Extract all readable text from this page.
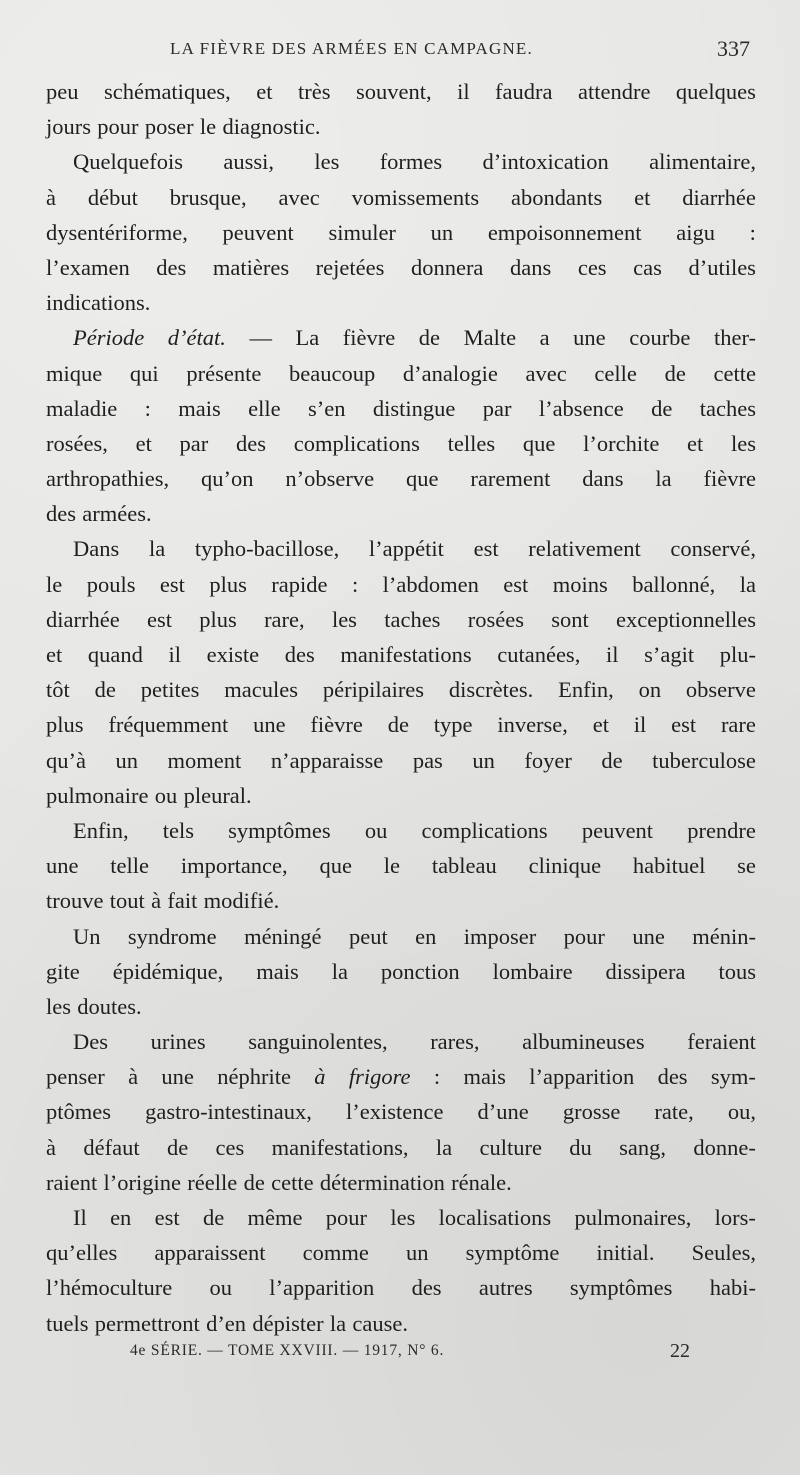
LA FIÈVRE DES ARMÉES EN CAMPAGNE.	337
peu schématiques, et très souvent, il faudra attendre quelques
jours pour poser le diagnostic.
Quelquefois aussi, les formes d’intoxication alimentaire,
à début brusque, avec vomissements abondants et diarrhée
dysentériforme, peuvent simuler un empoisonnement aigu :
l’examen des matières rejetées donnera dans ces cas d’utiles
indications.
Période d’état. — La fièvre de Malte a une courbe ther-
mique qui présente beaucoup d’analogie avec celle de cette
maladie : mais elle s’en distingue par l’absence de taches
rosées, et par des complications telles que l’orchite et les
arthropathies, qu’on n’observe que rarement dans la fièvre
des armées.
Dans la typho-bacillose, l’appétit est relativement conservé,
le pouls est plus rapide : l’abdomen est moins ballonné, la
diarrhée est plus rare, les taches rosées sont exceptionnelles
et quand il existe des manifestations cutanées, il s’agit plu-
tôt de petites macules péripilaires discrètes. Enfin, on observe
plus fréquemment une fièvre de type inverse, et il est rare
qu’à un moment n’apparaisse pas un foyer de tuberculose
pulmonaire ou pleural.
Enfin, tels symptômes ou complications peuvent prendre
une telle importance, que le tableau clinique habituel se
trouve tout à fait modifié.
Un syndrome méningé peut en imposer pour une ménin-
gite épidémique, mais la ponction lombaire dissipera tous
les doutes.
Des urines sanguinolentes, rares, albumineuses feraient
penser à une néphrite à frigore : mais l’apparition des sym-
ptômes gastro-intestinaux, l’existence d’une grosse rate, ou,
à défaut de ces manifestations, la culture du sang, donne-
raient l’origine réelle de cette détermination rénale.
Il en est de même pour les localisations pulmonaires, lors-
qu’elles apparaissent comme un symptôme initial. Seules,
l’hémoculture ou l’apparition des autres symptômes habi-
tuels permettront d’en dépister la cause.
4e SÉRIE. — TOME XXVIII. — 1917, N° 6.	22
